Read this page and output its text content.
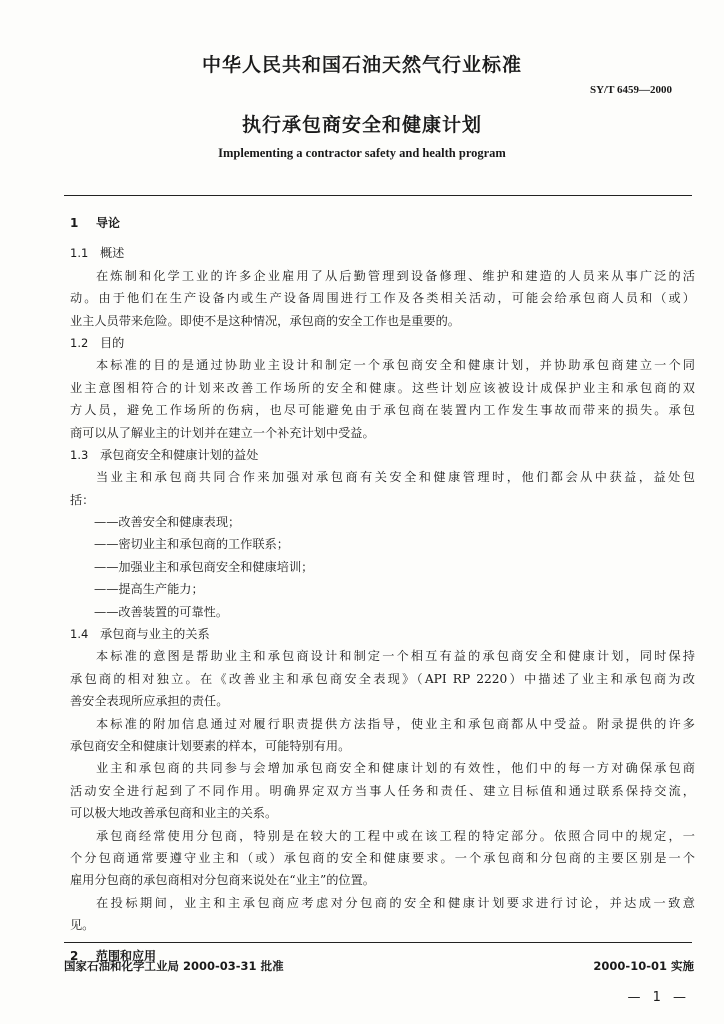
中华人民共和国石油天然气行业标准
SY/T 6459—2000
执行承包商安全和健康计划
Implementing a contractor safety and health program
1 导论
1.1 概述
在炼制和化学工业的许多企业雇用了从后勤管理到设备修理、维护和建造的人员来从事广泛的活
动。由于他们在生产设备内或生产设备周围进行工作及各类相关活动，可能会给承包商人员和（或）
业主人员带来危险。即使不是这种情况，承包商的安全工作也是重要的。
1.2 目的
本标准的目的是通过协助业主设计和制定一个承包商安全和健康计划，并协助承包商建立一个同
业主意图相符合的计划来改善工作场所的安全和健康。这些计划应该被设计成保护业主和承包商的双
方人员，避免工作场所的伤病，也尽可能避免由于承包商在装置内工作发生事故而带来的损失。承包
商可以从了解业主的计划并在建立一个补充计划中受益。
1.3 承包商安全和健康计划的益处
当业主和承包商共同合作来加强对承包商有关安全和健康管理时，他们都会从中获益，益处包
括：
——改善安全和健康表现；
——密切业主和承包商的工作联系；
——加强业主和承包商安全和健康培训；
——提高生产能力；
——改善装置的可靠性。
1.4 承包商与业主的关系
本标准的意图是帮助业主和承包商设计和制定一个相互有益的承包商安全和健康计划，同时保持
承包商的相对独立。在《改善业主和承包商安全表现》（API RP 2220）中描述了业主和承包商为改
善安全表现所应承担的责任。
本标准的附加信息通过对履行职责提供方法指导，使业主和承包商都从中受益。附录提供的许多
承包商安全和健康计划要素的样本，可能特别有用。
业主和承包商的共同参与会增加承包商安全和健康计划的有效性，他们中的每一方对确保承包商
活动安全进行起到了不同作用。明确界定双方当事人任务和责任、建立目标值和通过联系保持交流，
可以极大地改善承包商和业主的关系。
承包商经常使用分包商，特别是在较大的工程中或在该工程的特定部分。依照合同中的规定，一
个分包商通常要遵守业主和（或）承包商的安全和健康要求。一个承包商和分包商的主要区别是一个
雇用分包商的承包商相对分包商来说处在“业主”的位置。
在投标期间，业主和主承包商应考虑对分包商的安全和健康计划要求进行讨论，并达成一致意
见。
2 范围和应用
国家石油和化学工业局 2000-03-31 批准	2000-10-01 实施
— 1 —
